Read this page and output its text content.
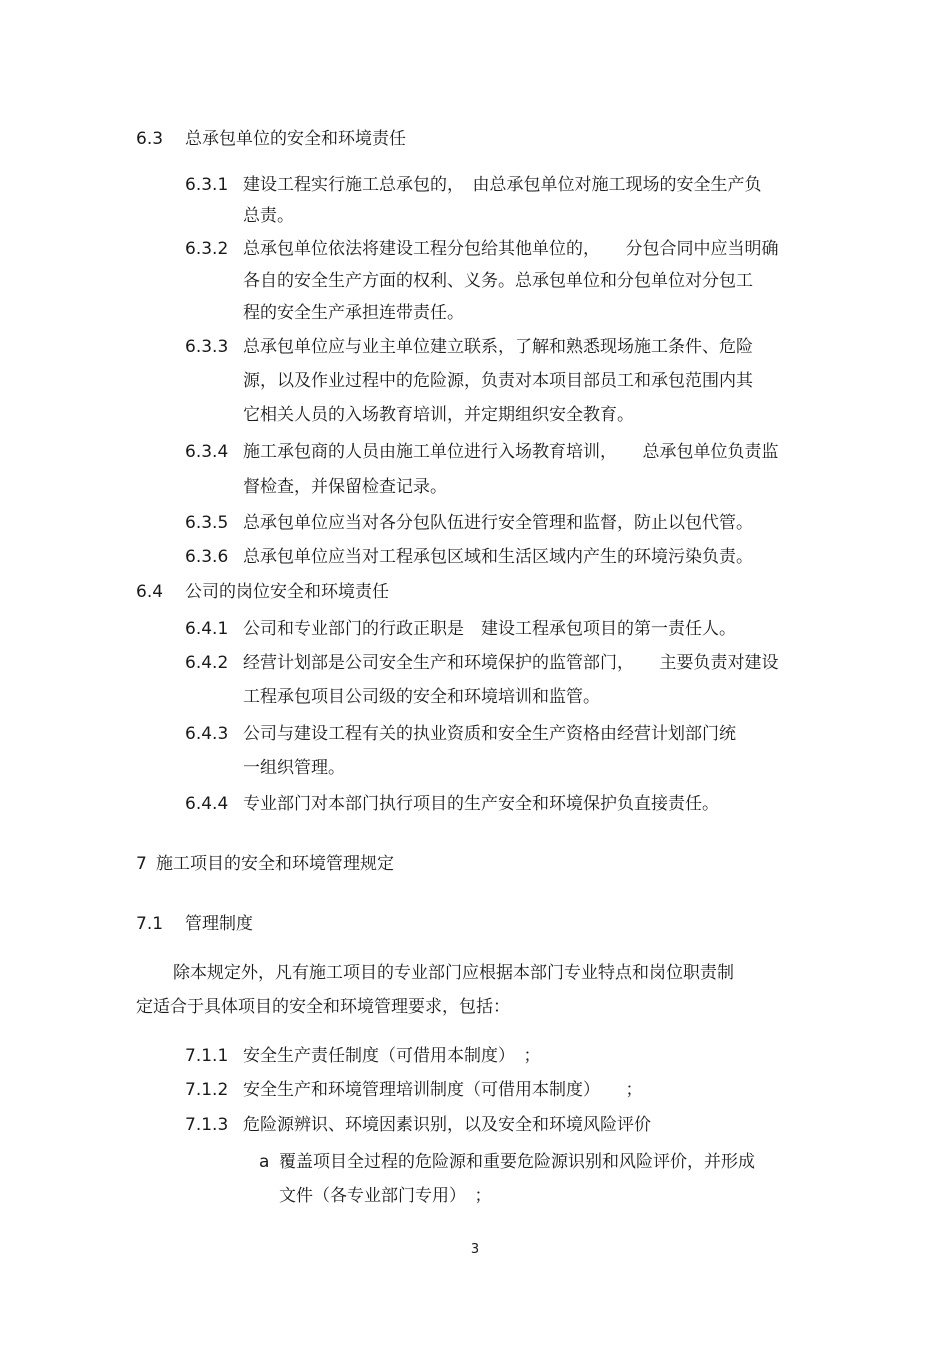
6.3 总承包单位的安全和环境责任
6.3.1 建设工程实行施工总承包的，　由总承包单位对施工现场的安全生产负
总责。
6.3.2 总承包单位依法将建设工程分包给其他单位的，　　分包合同中应当明确
各自的安全生产方面的权利、义务。总承包单位和分包单位对分包工
程的安全生产承担连带责任。
6.3.3 总承包单位应与业主单位建立联系，了解和熟悉现场施工条件、危险
源，以及作业过程中的危险源，负责对本项目部员工和承包范围内其
它相关人员的入场教育培训，并定期组织安全教育。
6.3.4 施工承包商的人员由施工单位进行入场教育培训，　　总承包单位负责监
督检查，并保留检查记录。
6.3.5 总承包单位应当对各分包队伍进行安全管理和监督，防止以包代管。
6.3.6 总承包单位应当对工程承包区域和生活区域内产生的环境污染负责。
6.4 公司的岗位安全和环境责任
6.4.1 公司和专业部门的行政正职是　建设工程承包项目的第一责任人。
6.4.2 经营计划部是公司安全生产和环境保护的监管部门，　　主要负责对建设
工程承包项目公司级的安全和环境培训和监管。
6.4.3 公司与建设工程有关的执业资质和安全生产资格由经营计划部门统
一组织管理。
6.4.4 专业部门对本部门执行项目的生产安全和环境保护负直接责任。
7 施工项目的安全和环境管理规定
7.1 管理制度
除本规定外，凡有施工项目的专业部门应根据本部门专业特点和岗位职责制
定适合于具体项目的安全和环境管理要求，包括：
7.1.1 安全生产责任制度（可借用本制度）　；
7.1.2 安全生产和环境管理培训制度（可借用本制度）　　；
7.1.3 危险源辨识、环境因素识别，以及安全和环境风险评价
a 覆盖项目全过程的危险源和重要危险源识别和风险评价，并形成
文件（各专业部门专用）　；
3
